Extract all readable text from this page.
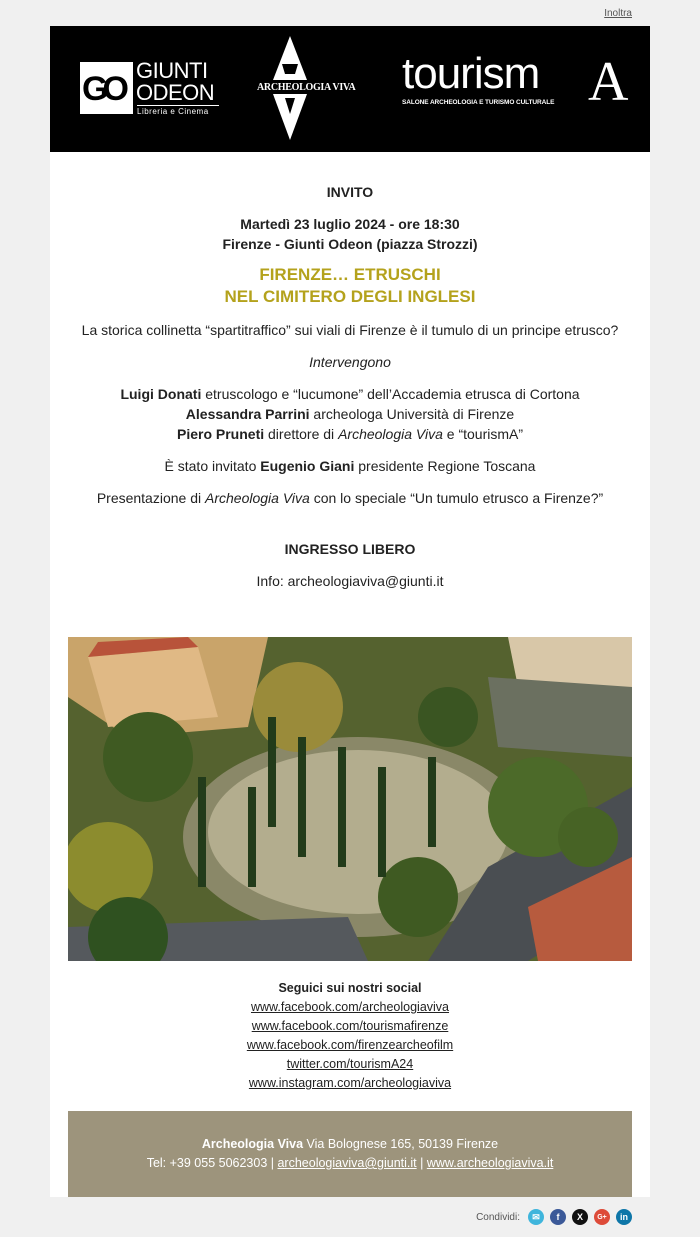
Inoltra
GO GIUNTI
ODEON
Libreria e Cinema
ARCHEOLOGIA VIVA tourism A
SALONE ARCHEOLOGIA E TURISMO CULTURALE

INVITO

Martedì 23 luglio 2024 - ore 18:30

Firenze - Giunti Odeon (piazza Strozzi)

FIRENZE… ETRUSCHI

NEL CIMITERO DEGLI INGLESI

La storica collinetta “spartitraffico” sui viali di Firenze è il tumulo di un principe etrusco?

Intervengono

Luigi Donati etruscologo e “lucumone” dell’Accademia etrusca di Cortona

Alessandra Parrini archeologa Università di Firenze

Piero Pruneti direttore di Archeologia Viva e “tourismA”

È stato invitato Eugenio Giani presidente Regione Toscana

Presentazione di Archeologia Viva con lo speciale “Un tumulo etrusco a Firenze?”

INGRESSO LIBERO

Info: archeologiaviva@giunti.it

Seguici sui nostri social
www.facebook.com/archeologiaviva
www.facebook.com/tourismafirenze
www.facebook.com/firenzearcheofilm
twitter.com/tourismA24
www.instagram.com/archeologiaviva
Archeologia Viva Via Bolognese 165, 50139 Firenze
Tel: +39 055 5062303 | archeologiaviva@giunti.it | www.archeologiaviva.it
Condividi:	✉	f	X	G+	in
